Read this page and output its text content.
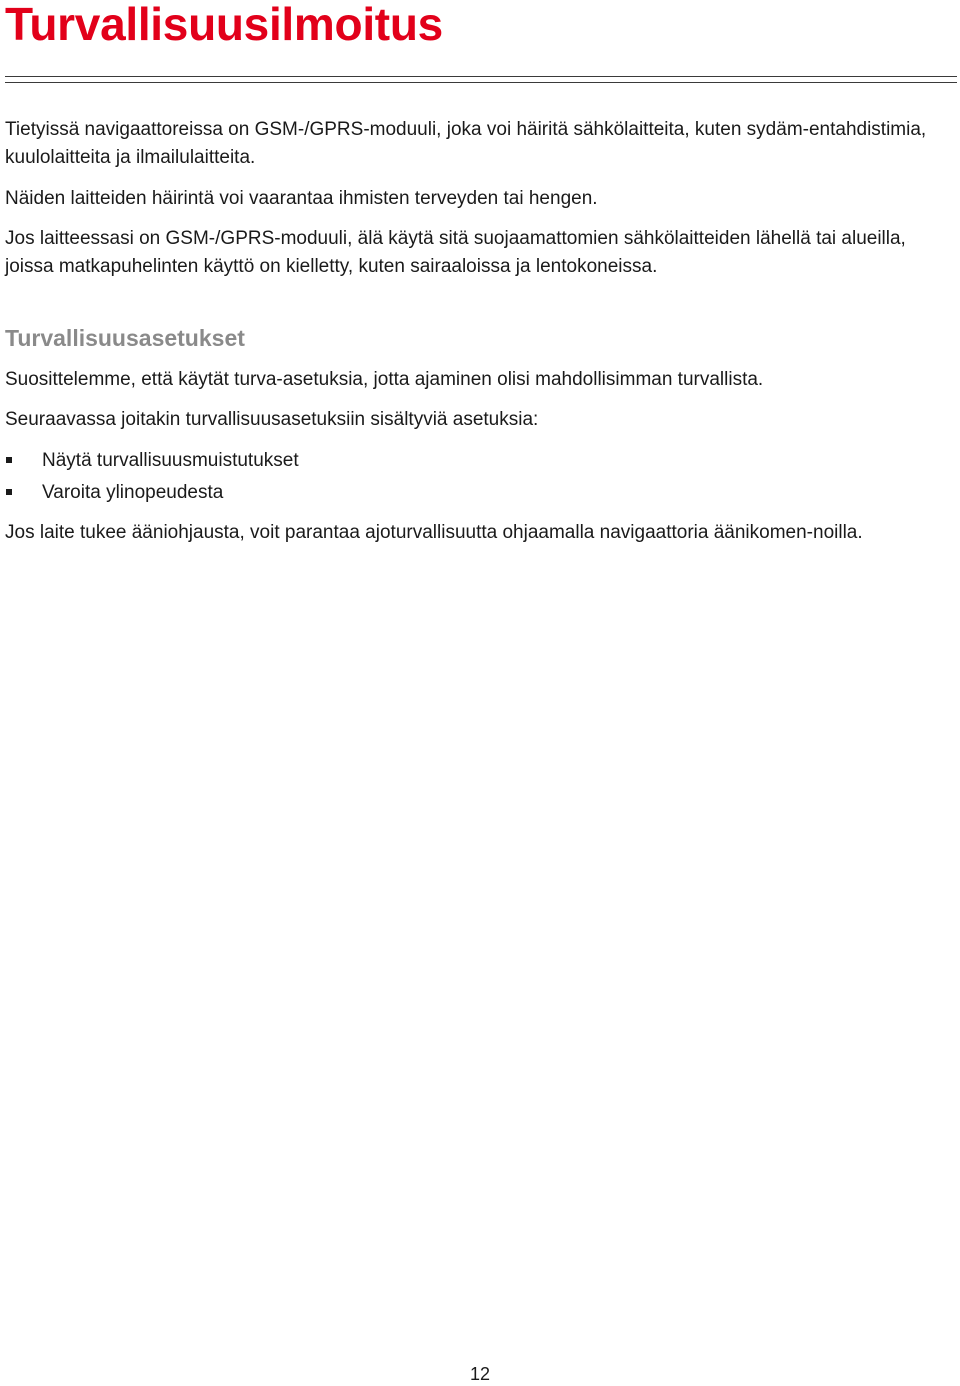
Turvallisuusilmoitus

Tietyissä navigaattoreissa on GSM-/GPRS-moduuli, joka voi häiritä sähkölaitteita, kuten sydäm-entahdistimia, kuulolaitteita ja ilmailulaitteita.

Näiden laitteiden häirintä voi vaarantaa ihmisten terveyden tai hengen.

Jos laitteessasi on GSM-/GPRS-moduuli, älä käytä sitä suojaamattomien sähkölaitteiden lähellä tai alueilla, joissa matkapuhelinten käyttö on kielletty, kuten sairaaloissa ja lentokoneissa.

Turvallisuusasetukset

Suosittelemme, että käytät turva-asetuksia, jotta ajaminen olisi mahdollisimman turvallista.

Seuraavassa joitakin turvallisuusasetuksiin sisältyviä asetuksia:

Näytä turvallisuusmuistutukset
Varoita ylinopeudesta

Jos laite tukee ääniohjausta, voit parantaa ajoturvallisuutta ohjaamalla navigaattoria äänikomen-noilla.

12
